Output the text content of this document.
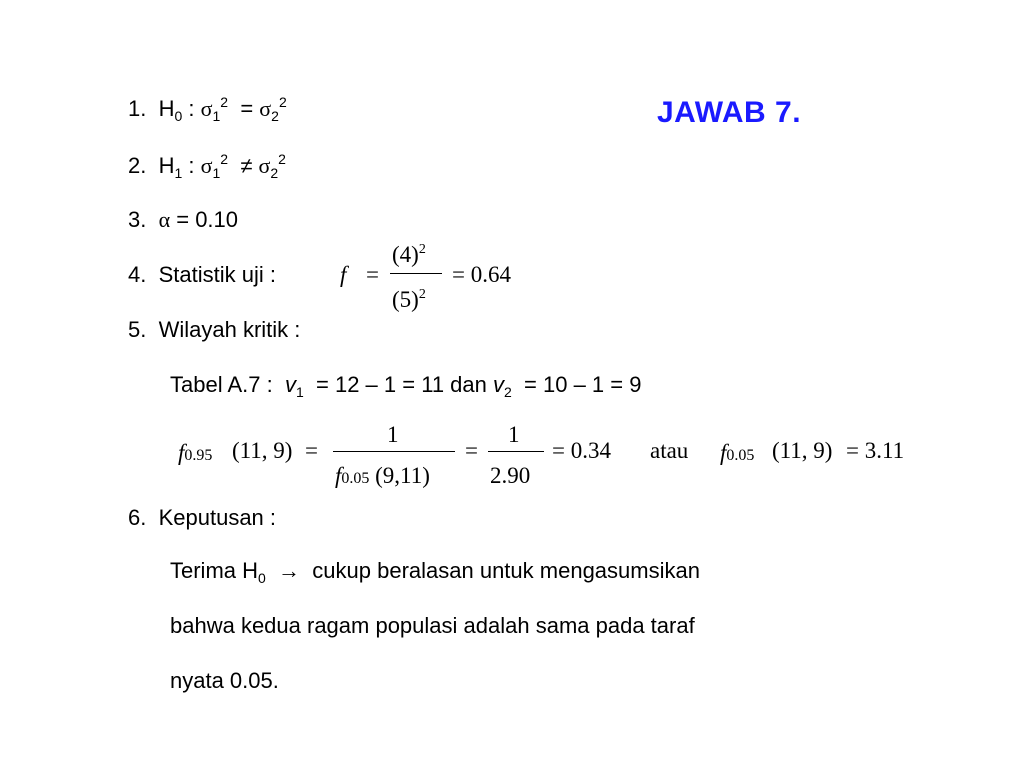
JAWAB 7.
1. $H_0$ : $\sigma_1^2 = \sigma_2^2$
2. $H_1$ : $\sigma_1^2 \ne \sigma_2^2$
3. α = 0.10
4. Statistik uji :	f =
$(4)^2$
$(5)^2$
= 0.64
5. Wilayah kritik :
Tabel A.7 : $v_1 = 12 - 1 = 11$ dan $v_2 = 10 - 1 = 9$
f0.95 (11, 9) =
1
f0.05 (9,11)
=
1
2.90
= 0.34 atau f0.05 (11, 9) = 3.11
6. Keputusan :
Terima $H_0$ → cukup beralasan untuk mengasumsikan
bahwa kedua ragam populasi adalah sama pada taraf
nyata 0.05.
